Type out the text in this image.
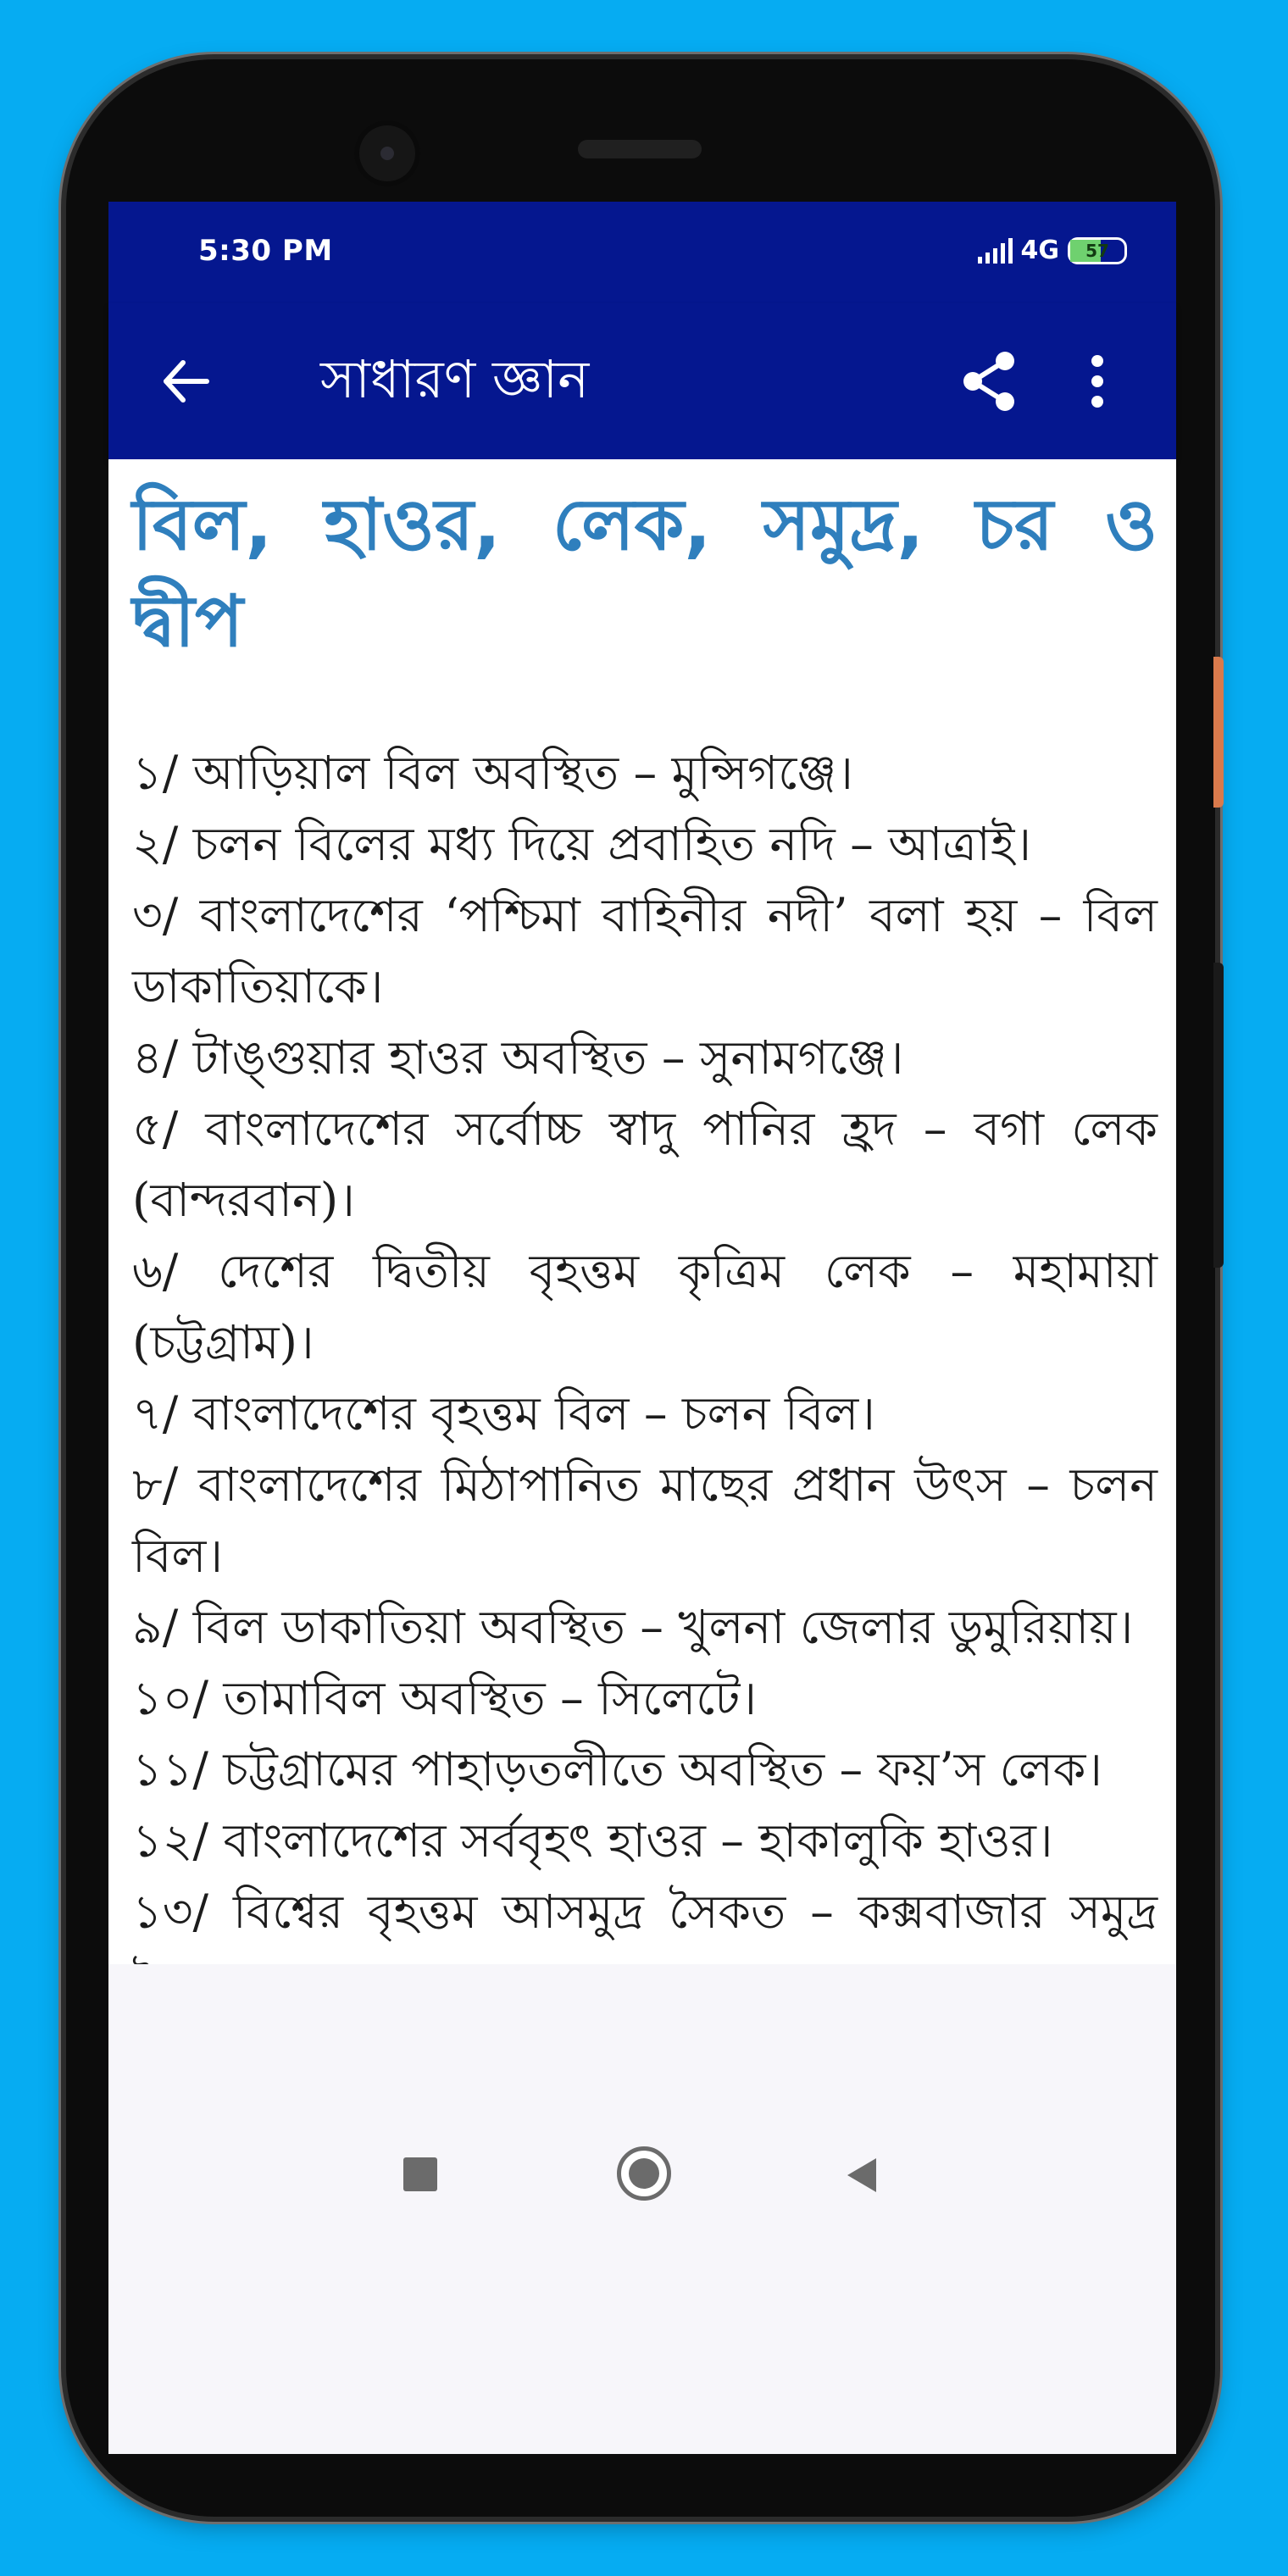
5:30 PM	4G	57
সাধারণ জ্ঞান
বিল, হাওর, লেক, সমুদ্র, চর ও দ্বীপ
১/ আড়িয়াল বিল অবস্থিত – মুন্সিগঞ্জে।
২/ চলন বিলের মধ্য দিয়ে প্রবাহিত নদি – আত্রাই।
৩/ বাংলাদেশের ‘পশ্চিমা বাহিনীর নদী’ বলা হয় – বিল ডাকাতিয়াকে।
৪/ টাঙ্গুয়ার হাওর অবস্থিত – সুনামগঞ্জে।
৫/ বাংলাদেশের সর্বোচ্চ স্বাদু পানির হ্রদ – বগা লেক (বান্দরবান)।
৬/ দেশের দ্বিতীয় বৃহত্তম কৃত্রিম লেক – মহামায়া (চট্টগ্রাম)।
৭/ বাংলাদেশের বৃহত্তম বিল – চলন বিল।
৮/ বাংলাদেশের মিঠাপানিত মাছের প্রধান উৎস – চলন বিল।
৯/ বিল ডাকাতিয়া অবস্থিত – খুলনা জেলার ডুমুরিয়ায়।
১০/ তামাবিল অবস্থিত – সিলেটে।
১১/ চট্টগ্রামের পাহাড়তলীতে অবস্থিত – ফয়’স লেক।
১২/ বাংলাদেশের সর্ববৃহৎ হাওর – হাকালুকি হাওর।
১৩/ বিশ্বের বৃহত্তম আসমুদ্র সৈকত – কক্সবাজার সমুদ্র
